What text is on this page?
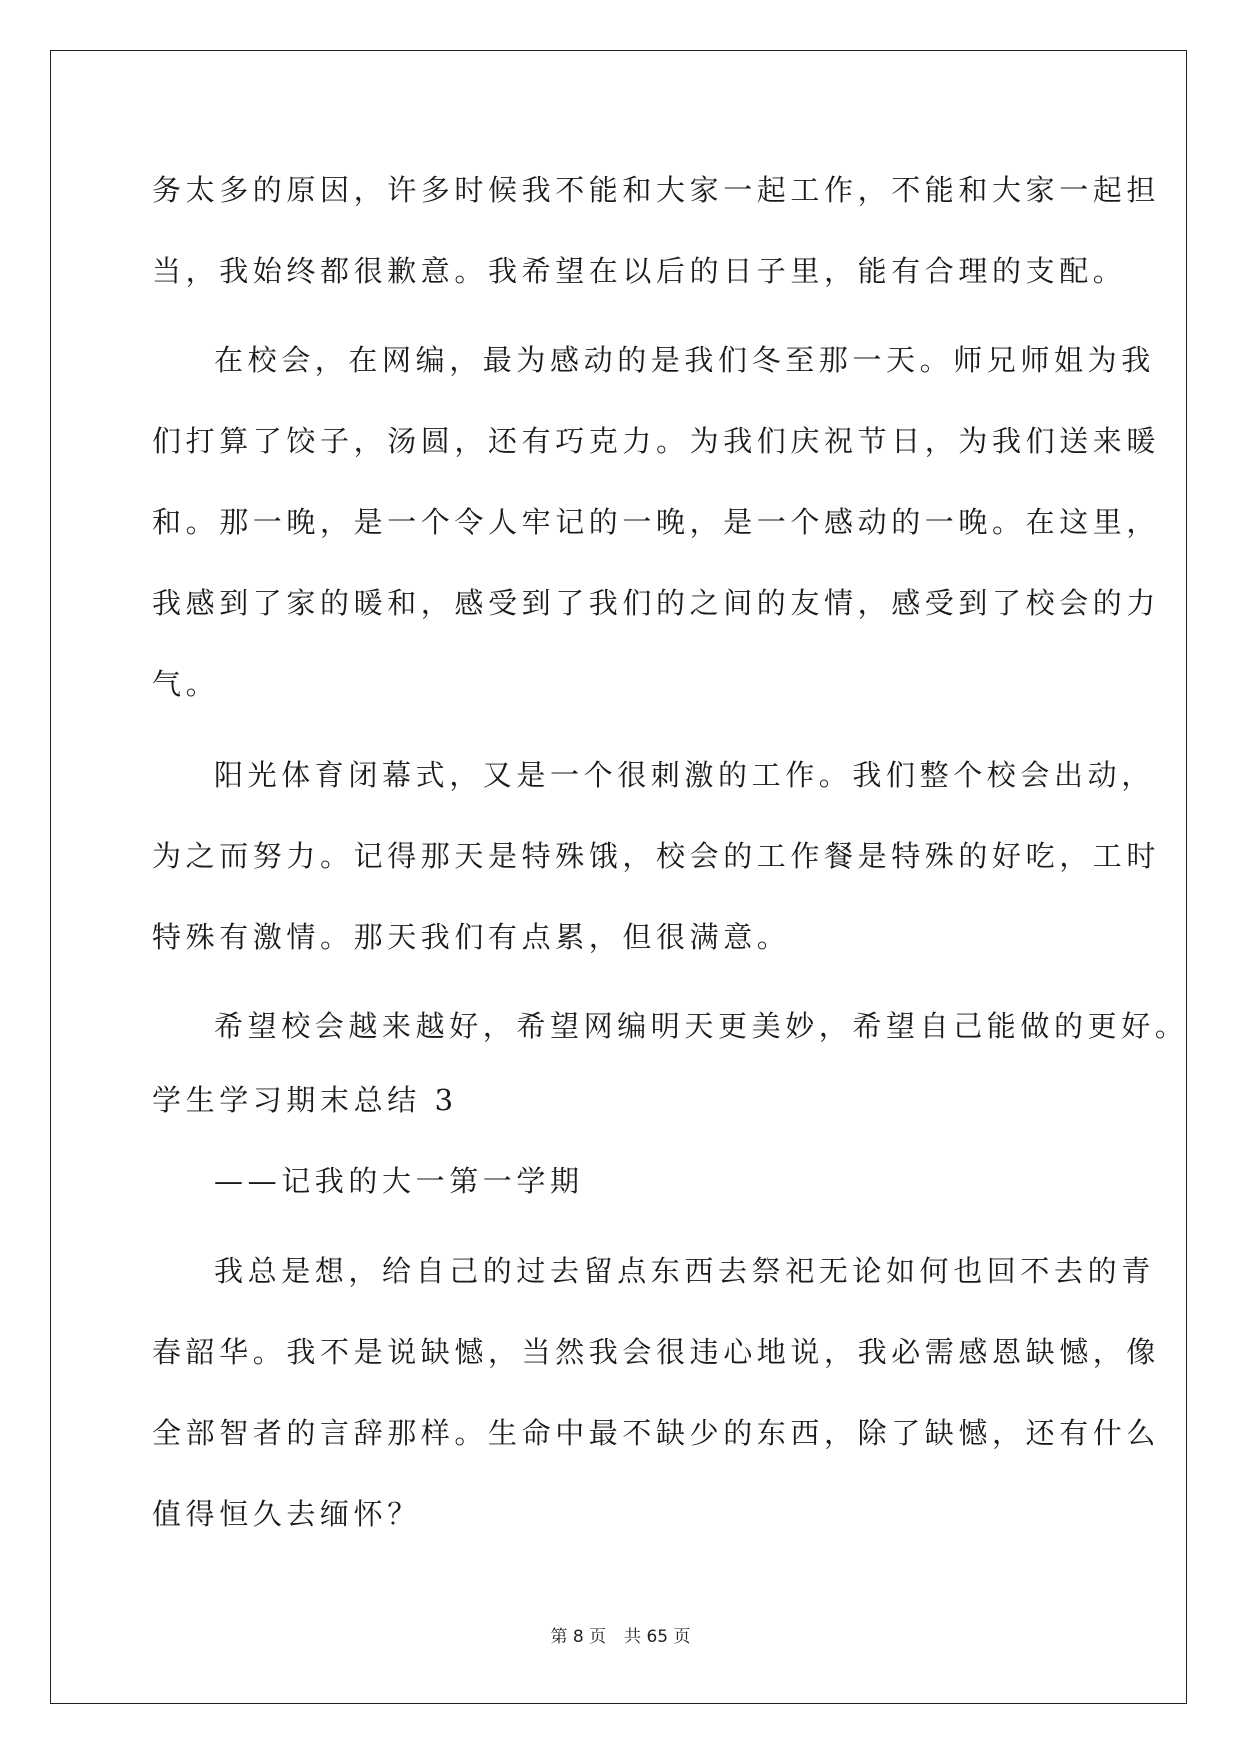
务太多的原因，许多时候我不能和大家一起工作，不能和大家一起担
当，我始终都很歉意。我希望在以后的日子里，能有合理的支配。
在校会，在网编，最为感动的是我们冬至那一天。师兄师姐为我
们打算了饺子，汤圆，还有巧克力。为我们庆祝节日，为我们送来暖
和。那一晚，是一个令人牢记的一晚，是一个感动的一晚。在这里，
我感到了家的暖和，感受到了我们的之间的友情，感受到了校会的力
气。
阳光体育闭幕式，又是一个很刺激的工作。我们整个校会出动，
为之而努力。记得那天是特殊饿，校会的工作餐是特殊的好吃，工时
特殊有激情。那天我们有点累，但很满意。
希望校会越来越好，希望网编明天更美妙，希望自己能做的更好。
学生学习期末总结 3
——记我的大一第一学期
我总是想，给自己的过去留点东西去祭祀无论如何也回不去的青
春韶华。我不是说缺憾，当然我会很违心地说，我必需感恩缺憾，像
全部智者的言辞那样。生命中最不缺少的东西，除了缺憾，还有什么
值得恒久去缅怀？
第 8 页 共 65 页
